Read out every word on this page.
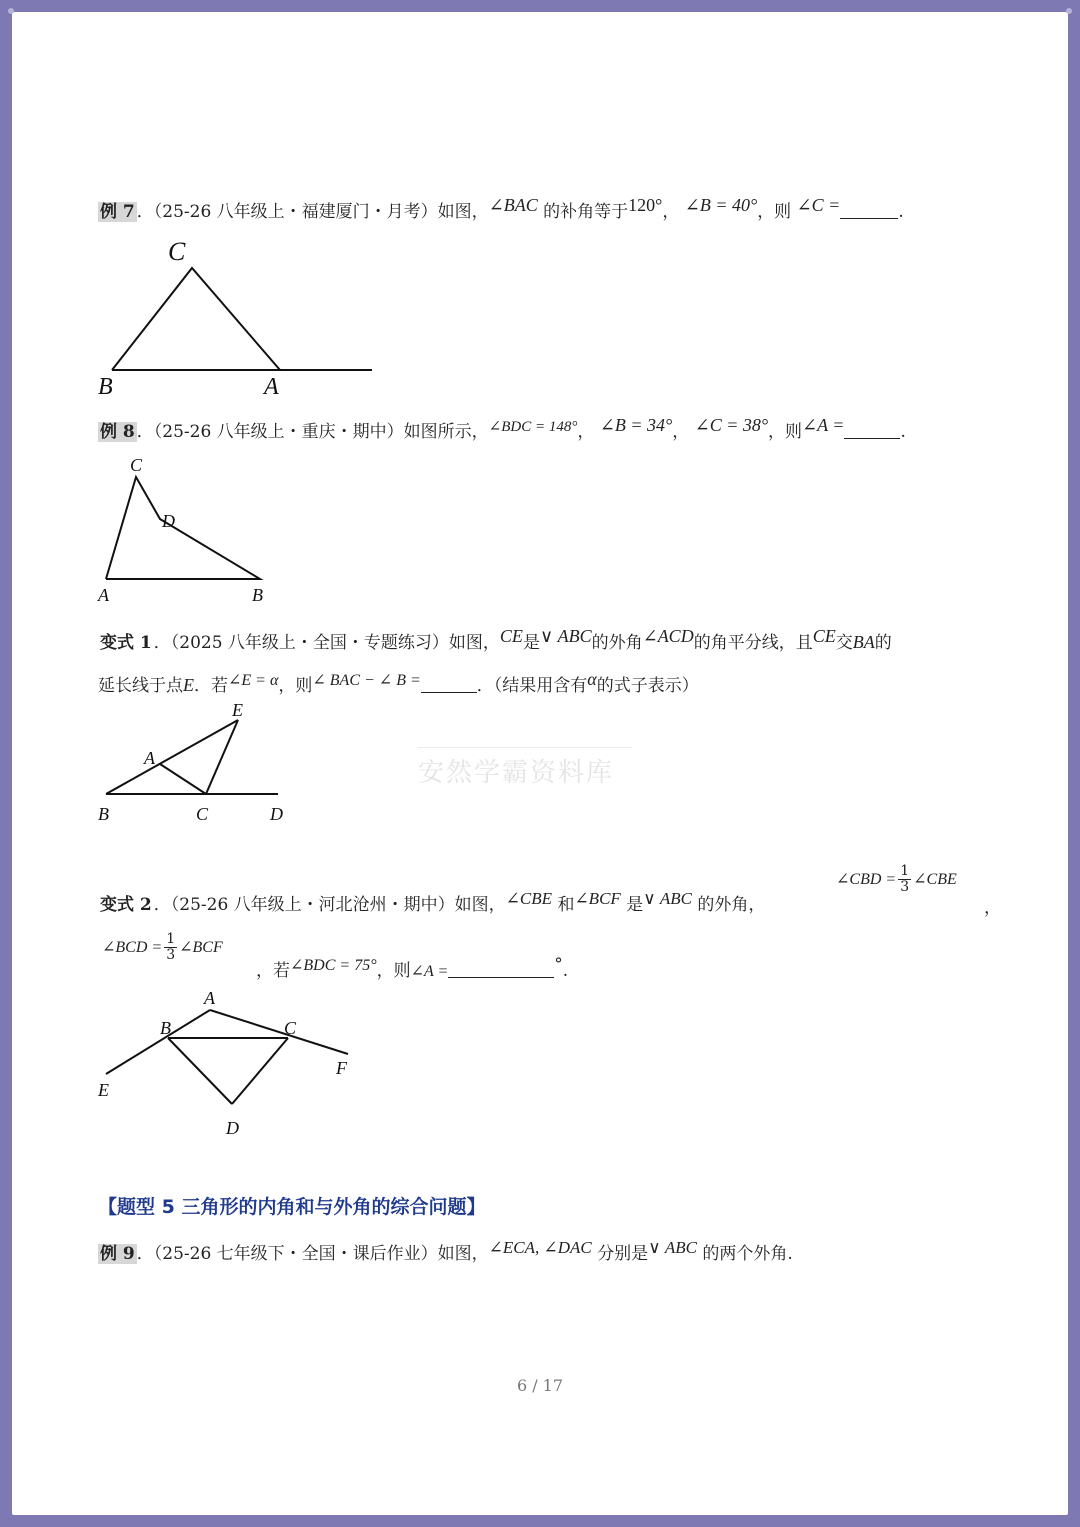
例 7 ．（25-26 八年级上・福建厦门・月考）如图，∠BAC 的补角等于120°， ∠B = 40°，则 ∠C =	.
C
B	A
例 8 ．（25-26 八年级上・重庆・期中）如图所示，∠BDC = 148°， ∠B = 34°， ∠C = 38°，则∠A =	.
C
D
A	B
变式 1 ．（2025 八年级上・全国・专题练习）如图，CE是∨ ABC的外角∠ACD的角平分线，且CE交BA的
延长线于点E．若∠E = α，则∠ BAC − ∠ B =	．（结果用含有α的式子表示）
E
A
B	C	D
安然学霸资料库
变式 2 ．（25-26 八年级上・河北沧州・期中）如图，∠CBE 和∠BCF 是∨ ABC 的外角，
∠CBD = $\frac{1}{3}$ ∠CBE
，
∠BCD = $\frac{1}{3}$ ∠BCF
，若∠BDC = 75°，则∠A =	°.
A
B	C
D
E
F
【题型 5 三角形的内角和与外角的综合问题】
例 9 ．（25-26 七年级下・全国・课后作业）如图，∠ECA, ∠DAC 分别是∨ ABC 的两个外角.
6 / 17
